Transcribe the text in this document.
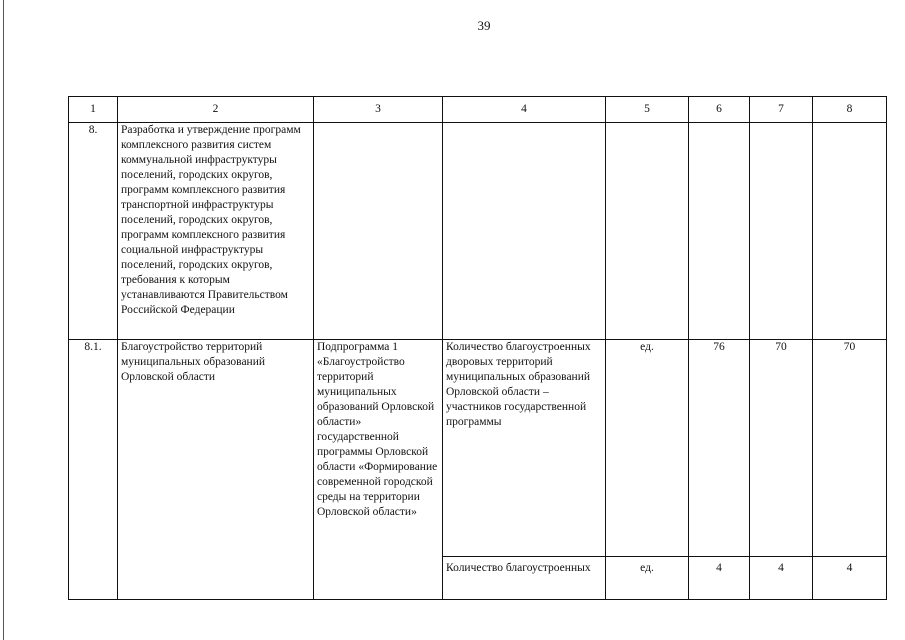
39
1	2	3	4	5	6	7	8
8.	Разработка и утверждение программ комплексного развития систем коммунальной инфраструктуры поселений, городских округов, программ комплексного развития транспортной инфраструктуры поселений, городских округов, программ комплексного развития социальной инфраструктуры поселений, городских округов, требования к которым устанавливаются Правительством Российской Федерации						
8.1.	Благоустройство территорий муниципальных образований Орловской области	Подпрограмма 1 «Благоустройство территорий муниципальных образований Орловской области» государственной программы Орловской области «Формирование современной городской среды на территории Орловской области»	Количество благоустроенных дворовых территорий муниципальных образований Орловской области – участников государственной программы	ед.	76	70	70
			Количество благоустроенных	ед.	4	4	4
